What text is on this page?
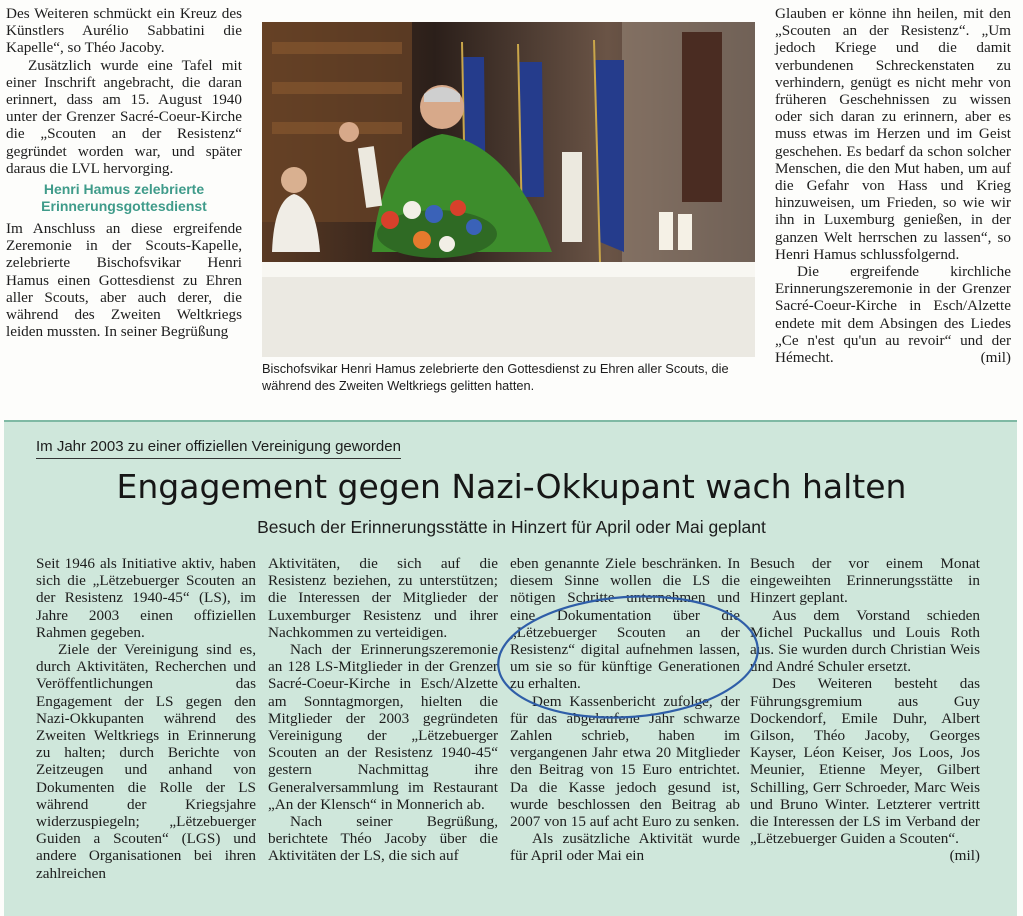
Des Weiteren schmückt ein Kreuz des Künstlers Aurélio Sabbatini die Kapelle“, so Théo Jacoby.

Zusätzlich wurde eine Tafel mit einer Inschrift angebracht, die daran erinnert, dass am 15. August 1940 unter der Grenzer Sacré-Coeur-Kirche die „Scouten an der Resistenz“ gegründet worden war, und später daraus die LVL hervorging.

Henri Hamus zelebrierte Erinnerungsgottesdienst

Im Anschluss an diese ergreifende Zeremonie in der Scouts-Kapelle, zelebrierte Bischofsvikar Henri Hamus einen Gottesdienst zu Ehren aller Scouts, aber auch derer, die während des Zweiten Weltkriegs leiden mussten. In seiner Begrüßung

Bischofsvikar Henri Hamus zelebrierte den Gottesdienst zu Ehren aller Scouts, die während des Zweiten Weltkriegs gelitten hatten.

Glauben er könne ihn heilen, mit den „Scouten an der Resistenz“. „Um jedoch Kriege und die damit verbundenen Schreckenstaten zu verhindern, genügt es nicht mehr von früheren Geschehnissen zu wissen oder sich daran zu erinnern, aber es muss etwas im Herzen und im Geist geschehen. Es bedarf da schon solcher Menschen, die den Mut haben, um auf die Gefahr von Hass und Krieg hinzuweisen, um Frieden, so wie wir ihn in Luxemburg genießen, in der ganzen Welt herrschen zu lassen“, so Henri Hamus schlussfolgernd.

Die ergreifende kirchliche Erinnerungszeremonie in der Grenzer Sacré-Coeur-Kirche in Esch/Alzette endete mit dem Absingen des Liedes „Ce n'est qu'un au revoir“ und der Hémecht.	(mil)

Im Jahr 2003 zu einer offiziellen Vereinigung geworden
Engagement gegen Nazi-Okkupant wach halten
Besuch der Erinnerungsstätte in Hinzert für April oder Mai geplant

Seit 1946 als Initiative aktiv, haben sich die „Lëtzebuerger Scouten an der Resistenz 1940-45“ (LS), im Jahre 2003 einen offiziellen Rahmen gegeben.

Ziele der Vereinigung sind es, durch Aktivitäten, Recherchen und Veröffentlichungen das Engagement der LS gegen den Nazi-Okkupanten während des Zweiten Weltkriegs in Erinnerung zu halten; durch Berichte von Zeitzeugen und anhand von Dokumenten die Rolle der LS während der Kriegsjahre widerzuspiegeln; „Lëtzebuerger Guiden a Scouten“ (LGS) und andere Organisationen bei ihren zahlreichen

Aktivitäten, die sich auf die Resistenz beziehen, zu unterstützen; die Interessen der Mitglieder der Luxemburger Resistenz und ihrer Nachkommen zu verteidigen.

Nach der Erinnerungszeremonie an 128 LS-Mitglieder in der Grenzer Sacré-Coeur-Kirche in Esch/Alzette am Sonntagmorgen, hielten die Mitglieder der 2003 gegründeten Vereinigung der „Lëtzebuerger Scouten an der Resistenz 1940-45“ gestern Nachmittag ihre Generalversammlung im Restaurant „An der Klensch“ in Monnerich ab.

Nach seiner Begrüßung, berichtete Théo Jacoby über die Aktivitäten der LS, die sich auf

eben genannte Ziele beschränken. In diesem Sinne wollen die LS die nötigen Schritte unternehmen und eine Dokumentation über die „Lëtzebuerger Scouten an der Resistenz“ digital aufnehmen lassen, um sie so für künftige Generationen zu erhalten.

Dem Kassenbericht zufolge, der für das abgelaufene Jahr schwarze Zahlen schrieb, haben im vergangenen Jahr etwa 20 Mitglieder den Beitrag von 15 Euro entrichtet. Da die Kasse jedoch gesund ist, wurde beschlossen den Beitrag ab 2007 von 15 auf acht Euro zu senken.

Als zusätzliche Aktivität wurde für April oder Mai ein

Besuch der vor einem Monat eingeweihten Erinnerungsstätte in Hinzert geplant.

Aus dem Vorstand schieden Michel Puckallus und Louis Roth aus. Sie wurden durch Christian Weis und André Schuler ersetzt.

Des Weiteren besteht das Führungsgremium aus Guy Dockendorf, Emile Duhr, Albert Gilson, Théo Jacoby, Georges Kayser, Léon Keiser, Jos Loos, Jos Meunier, Etienne Meyer, Gilbert Schilling, Gerr Schroeder, Marc Weis und Bruno Winter. Letzterer vertritt die Interessen der LS im Verband der „Lëtzebuerger Guiden a Scouten“.
(mil)
